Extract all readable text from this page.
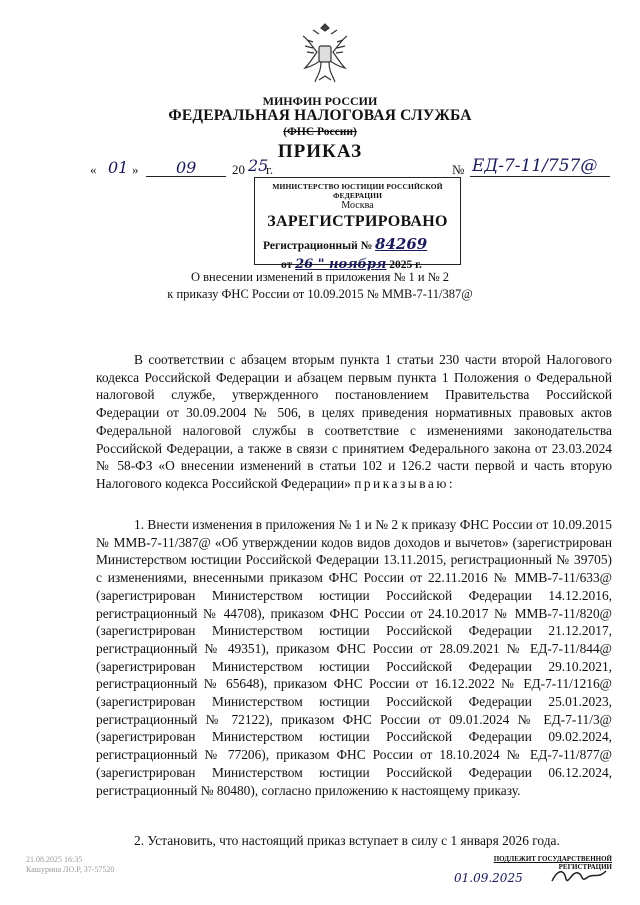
МИНФИН РОССИИ
ФЕДЕРАЛЬНАЯ НАЛОГОВАЯ СЛУЖБА
(ФНС России)
ПРИКАЗ
« 01 » 09	20 25
г.	№ ЕД-7-11/757@
МИНИСТЕРСТВО ЮСТИЦИИ РОССИЙСКОЙ ФЕДЕРАЦИИ
Москва
ЗАРЕГИСТРИРОВАНО
Регистрационный № 84269
от 26 " ноября 2025 г.
О внесении изменений в приложения № 1 и № 2
к приказу ФНС России от 10.09.2015 № ММВ-7-11/387@
В соответствии с абзацем вторым пункта 1 статьи 230 части второй Налогового кодекса Российской Федерации и абзацем первым пункта 1 Положения о Федеральной налоговой службе, утвержденного постановлением Правительства Российской Федерации от 30.09.2004 № 506, в целях приведения нормативных правовых актов Федеральной налоговой службы в соответствие с изменениями законодательства Российской Федерации, а также в связи с принятием Федерального закона от 23.03.2024 № 58-ФЗ «О внесении изменений в статьи 102 и 126.2 части первой и часть вторую Налогового кодекса Российской Федерации» приказываю:
1. Внести изменения в приложения № 1 и № 2 к приказу ФНС России от 10.09.2015 № ММВ-7-11/387@ «Об утверждении кодов видов доходов и вычетов» (зарегистрирован Министерством юстиции Российской Федерации 13.11.2015, регистрационный № 39705) с изменениями, внесенными приказом ФНС России от 22.11.2016 № ММВ-7-11/633@ (зарегистрирован Министерством юстиции Российской Федерации 14.12.2016, регистрационный № 44708), приказом ФНС России от 24.10.2017 № ММВ-7-11/820@ (зарегистрирован Министерством юстиции Российской Федерации 21.12.2017, регистрационный № 49351), приказом ФНС России от 28.09.2021 № ЕД-7-11/844@ (зарегистрирован Министерством юстиции Российской Федерации 29.10.2021, регистрационный № 65648), приказом ФНС России от 16.12.2022 № ЕД-7-11/1216@ (зарегистрирован Министерством юстиции Российской Федерации 25.01.2023, регистрационный № 72122), приказом ФНС России от 09.01.2024 № ЕД-7-11/3@ (зарегистрирован Министерством юстиции Российской Федерации 09.02.2024, регистрационный № 77206), приказом ФНС России от 18.10.2024 № ЕД-7-11/877@ (зарегистрирован Министерством юстиции Российской Федерации 06.12.2024, регистрационный № 80480), согласно приложению к настоящему приказу.
2. Установить, что настоящий приказ вступает в силу с 1 января 2026 года.
21.08.2025 16:35
Кашурина ЛО.Р, 37-57520
ПОДЛЕЖИТ ГОСУДАРСТВЕННОЙ
РЕГИСТРАЦИИ
01.09.2025
